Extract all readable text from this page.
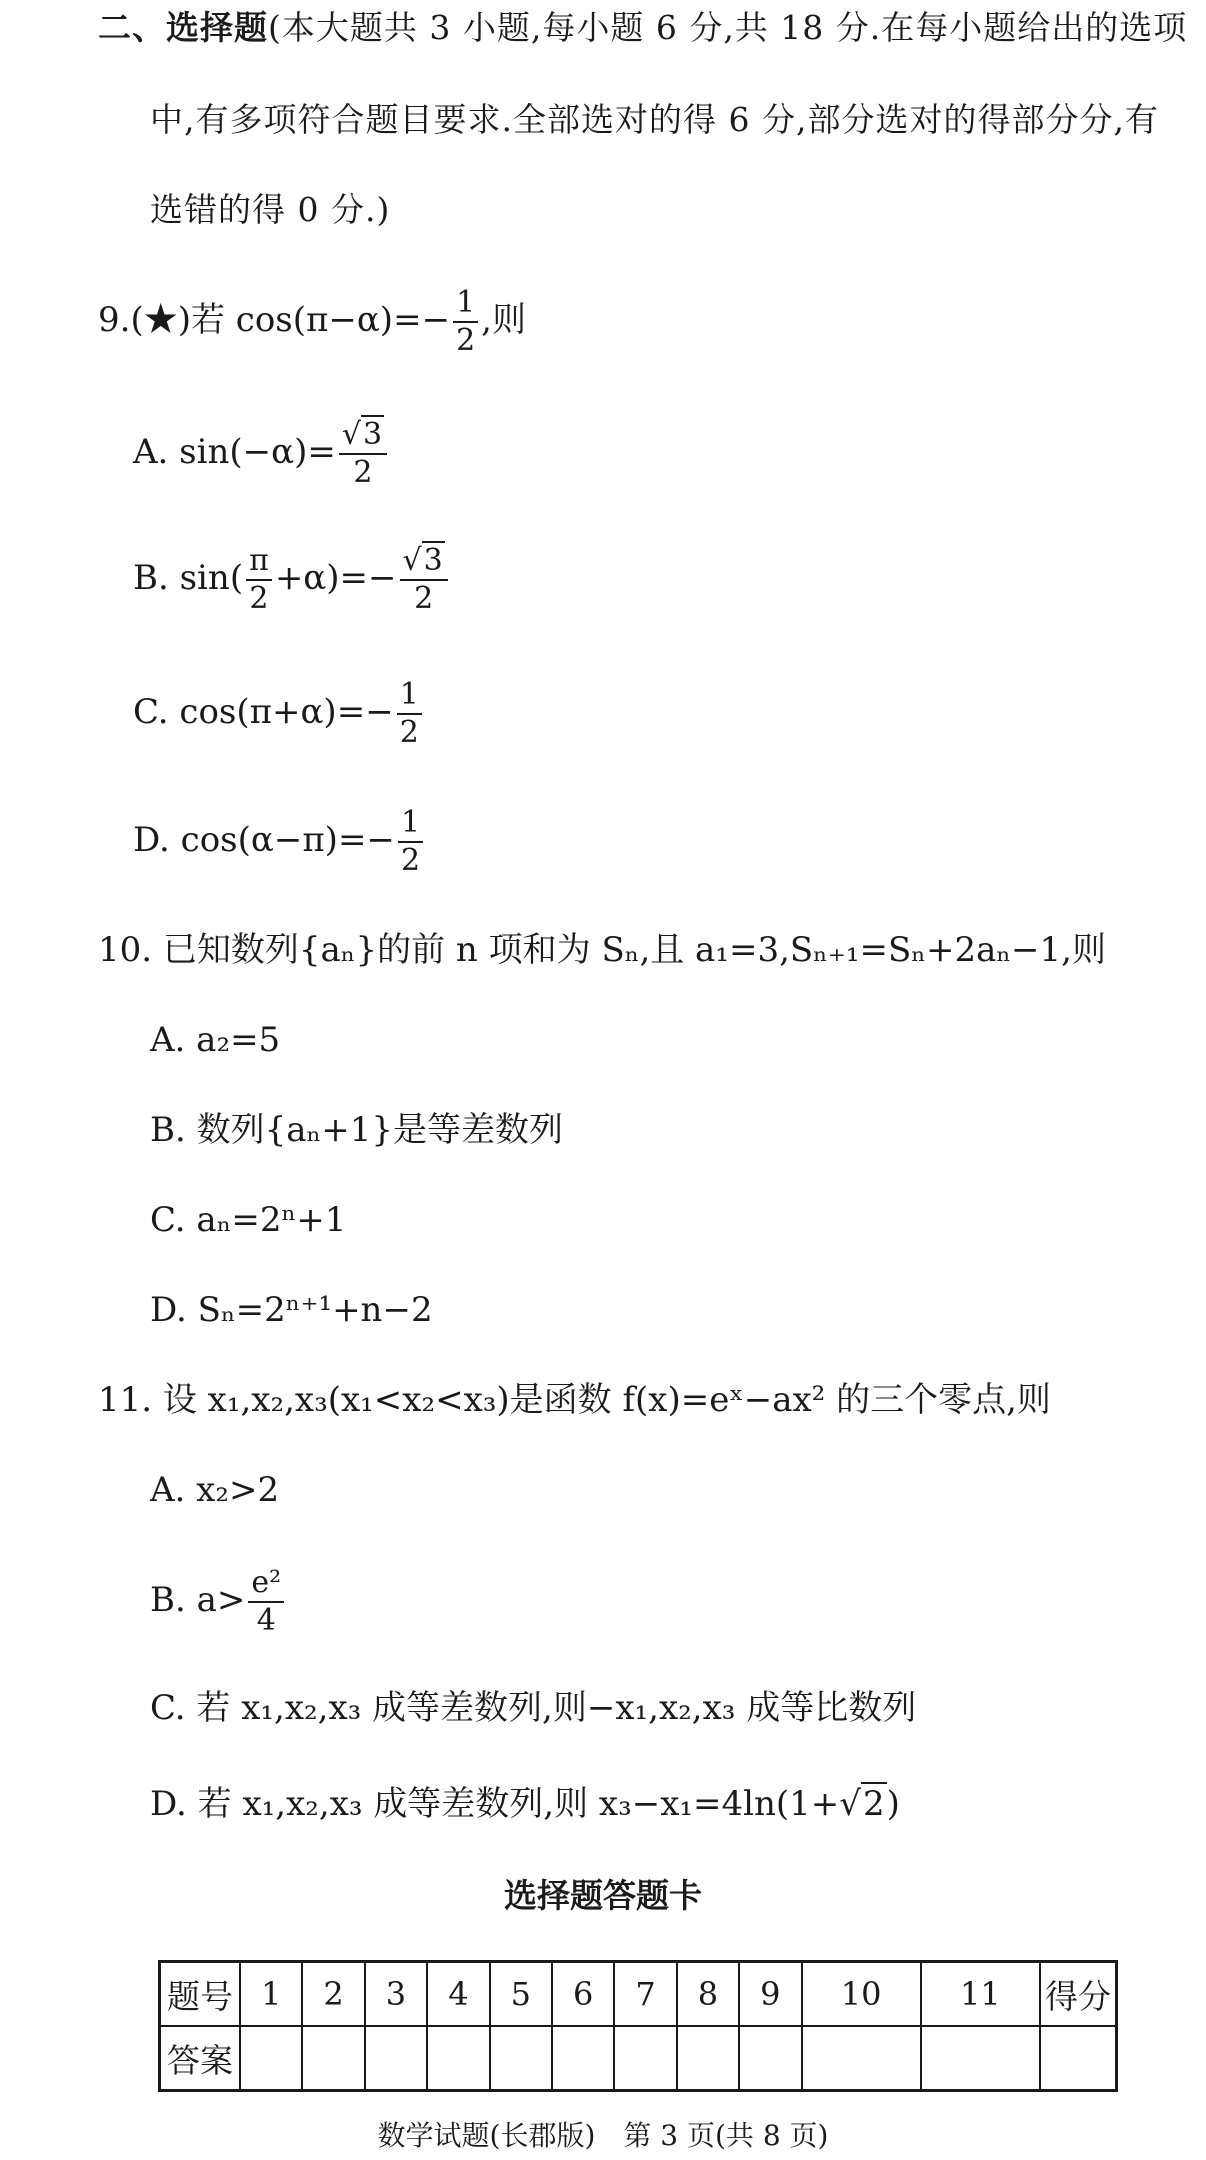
二、选择题(本大题共 3 小题,每小题 6 分,共 18 分.在每小题给出的选项
中,有多项符合题目要求.全部选对的得 6 分,部分选对的得部分分,有
选错的得 0 分.)
9.(★)若 $\cos(\pi-\alpha)=- \frac{1}{2}$ ,则
A. $\sin(-\alpha)= \frac{√3}{2}$
B. $\sin( \frac{\pi}{2} +\alpha)=- \frac{√3}{2}$
C. $\cos(\pi+\alpha)=- \frac{1}{2}$
D. $\cos(\alpha-\pi)=- \frac{1}{2}$
10. 已知数列{aₙ}的前 n 项和为 Sₙ,且 a₁=3,Sₙ₊₁=Sₙ+2aₙ−1,则
A. a₂=5
B. 数列{aₙ+1}是等差数列
C. aₙ=2ⁿ+1
D. Sₙ=2ⁿ⁺¹+n−2
11. 设 x₁,x₂,x₃(x₁<x₂<x₃)是函数 f(x)=eˣ−ax² 的三个零点,则
A. x₂>2
B. $a> \frac{\text{e²}}{4}$
C. 若 x₁,x₂,x₃ 成等差数列,则−x₁,x₂,x₃ 成等比数列
D. 若 x₁,x₂,x₃ 成等差数列,则 x₃−x₁=4ln(1+√2)
选择题答题卡
题号	1	2	3	4	5	6	7	8	9	10	11	得分
答案												
数学试题(长郡版)　第 3 页(共 8 页)
